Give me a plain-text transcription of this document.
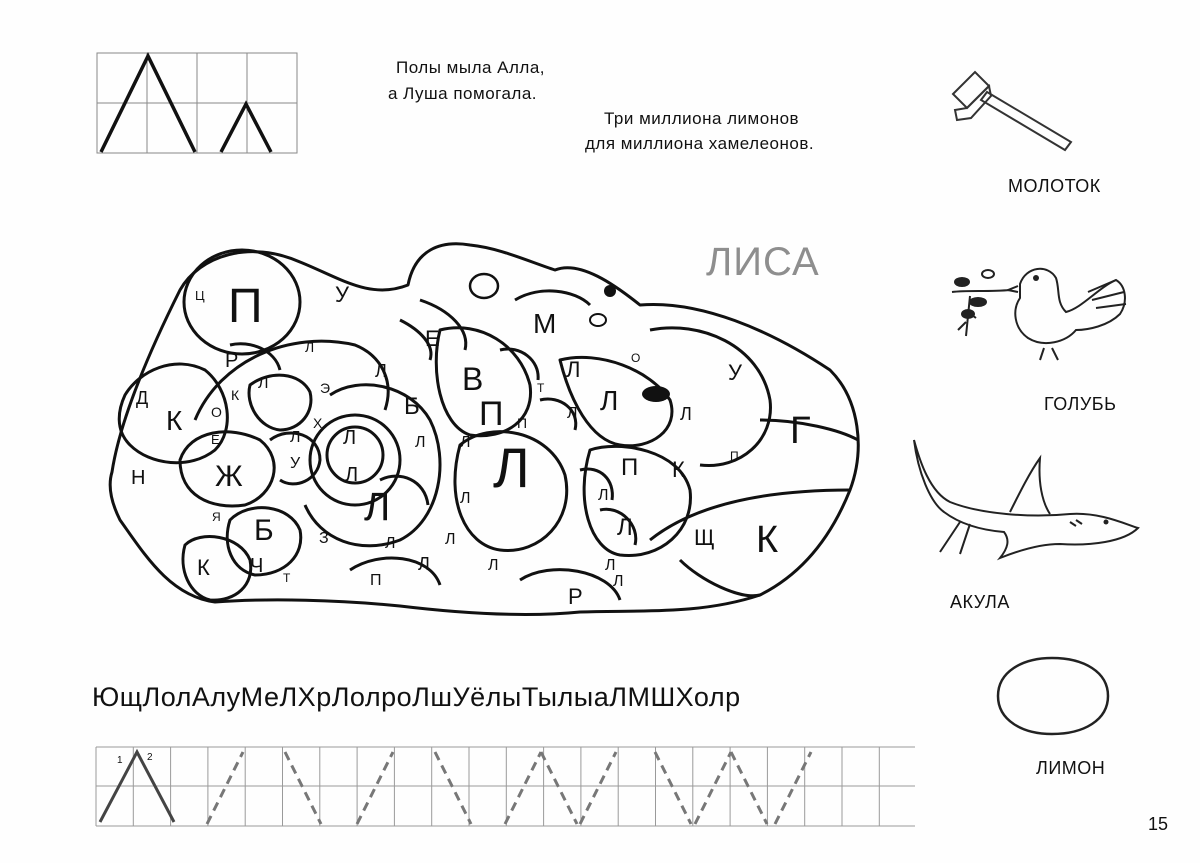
Полы мыла Алла,
а Луша помогала.
Три миллиона лимонов
для миллиона хамелеонов.
ЛИСА
П
Ц	У
Е	М
Л
Р
Д
К О
К
Л	Э
Л В	Т
Л
Л
О
У
Б П	Л	Л	Г
Х
Е	Л
П
Н Ж	У
Л
Л
Л Л
П К
П
Л
Л	Л
Я Б	З	Л	Л
Л
Л	Щ К
К Ч
Т
Л	Л
П
Л
Р
Л
МОЛОТОК
ГОЛУБЬ
АКУЛА
ЛИМОН
ЮщЛолАлуМеЛХрЛолроЛшУёлыТылыаЛМШХолр
1 2
15
